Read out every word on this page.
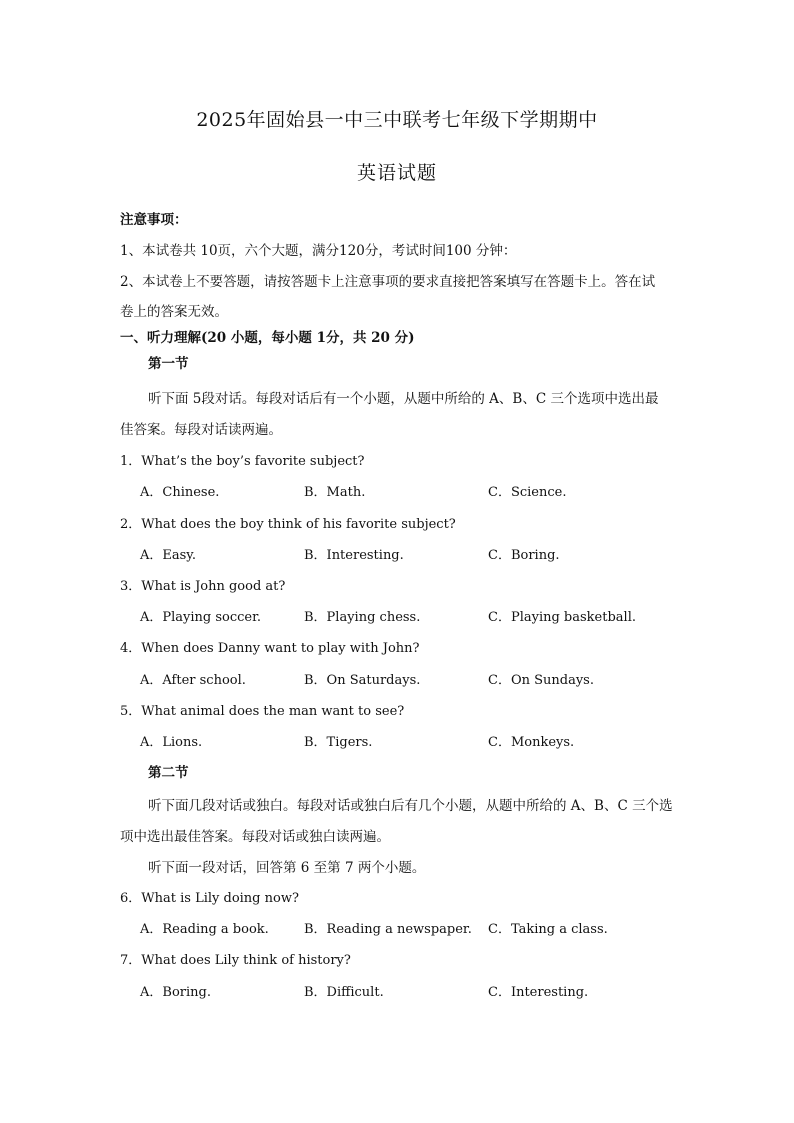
2025年固始县一中三中联考七年级下学期期中
英语试题
注意事项：
1、本试卷共 10页，六个大题，满分120分，考试时间100 分钟：
2、本试卷上不要答题，请按答题卡上注意事项的要求直接把答案填写在答题卡上。答在试
卷上的答案无效。
一、听力理解(20 小题，每小题 1分，共 20 分)
第一节
听下面 5段对话。每段对话后有一个小题，从题中所给的 A、B、C 三个选项中选出最
佳答案。每段对话读两遍。
1．What’s the boy’s favorite subject?
A．Chinese.	B．Math.	C．Science.
2．What does the boy think of his favorite subject?
A．Easy.	B．Interesting.	C．Boring.
3．What is John good at?
A．Playing soccer.	B．Playing chess.	C．Playing basketball.
4．When does Danny want to play with John?
A．After school.	B．On Saturdays.	C．On Sundays.
5．What animal does the man want to see?
A．Lions.	B．Tigers.	C．Monkeys.
第二节
听下面几段对话或独白。每段对话或独白后有几个小题，从题中所给的 A、B、C 三个选
项中选出最佳答案。每段对话或独白读两遍。
听下面一段对话，回答第 6 至第 7 两个小题。
6．What is Lily doing now?
A．Reading a book.	B．Reading a newspaper. C．Taking a class.
7．What does Lily think of history?
A．Boring.	B．Difficult.	C．Interesting.
